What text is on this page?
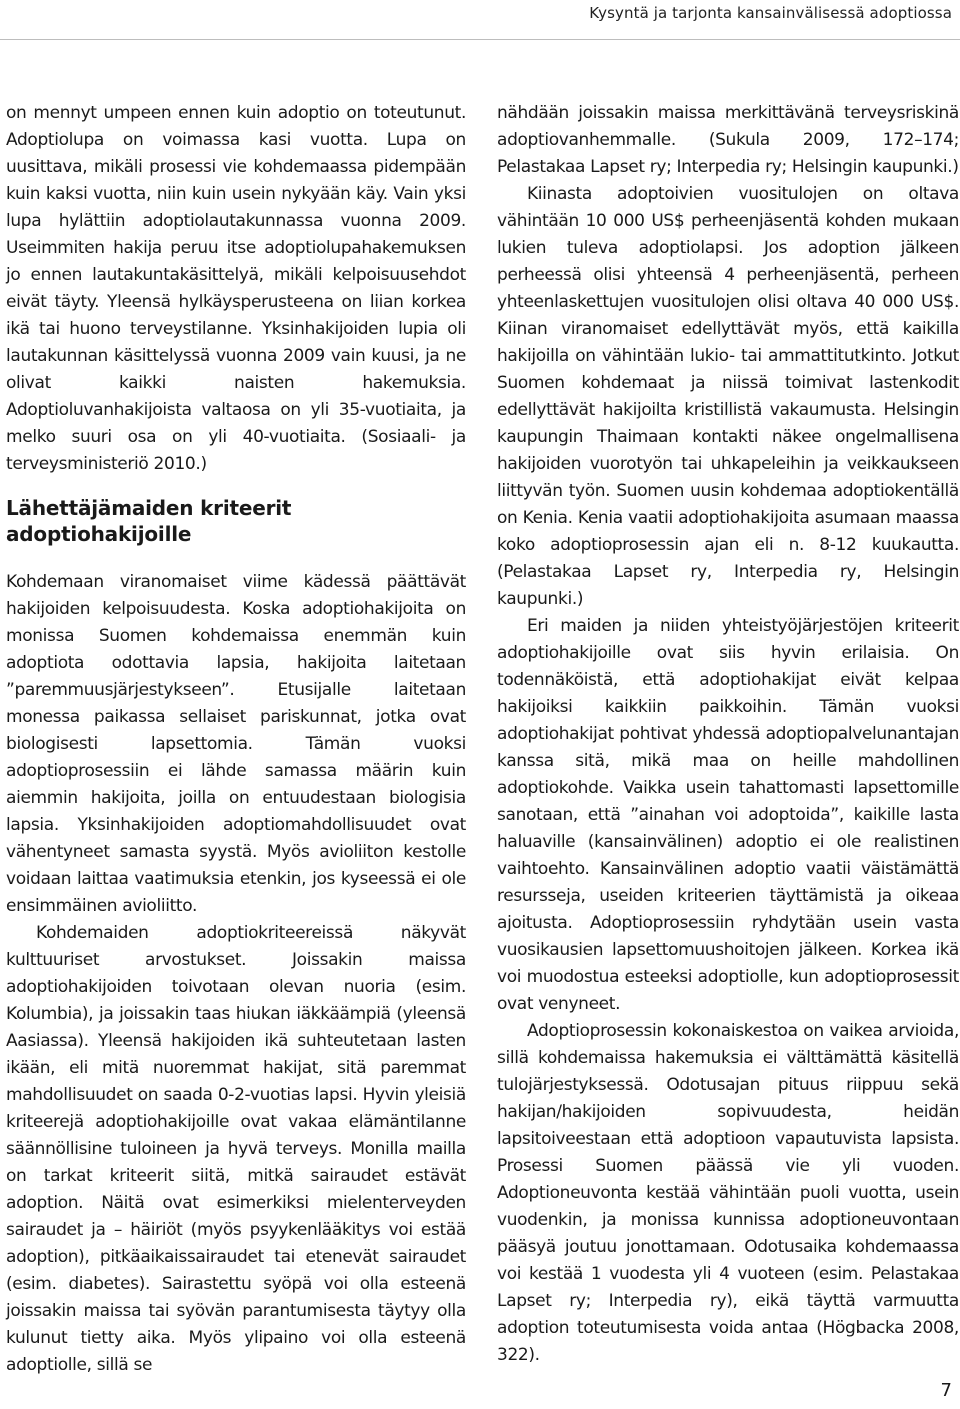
Kysyntä ja tarjonta kansainvälisessä adoptiossa

on mennyt umpeen ennen kuin adoptio on toteutunut. Adoptiolupa on voimassa kasi vuotta. Lupa on uusittava, mikäli prosessi vie kohdemaassa pidempään kuin kaksi vuotta, niin kuin usein nykyään käy. Vain yksi lupa hylättiin adoptiolautakunnassa vuonna 2009. Useimmiten hakija peruu itse adoptiolupahakemuksen jo ennen lautakuntakäsittelyä, mikäli kelpoisuusehdot eivät täyty. Yleensä hylkäysperusteena on liian korkea ikä tai huono terveystilanne. Yksinhakijoiden lupia oli lautakunnan käsittelyssä vuonna 2009 vain kuusi, ja ne olivat kaikki naisten hakemuksia. Adoptioluvanhakijoista valtaosa on yli 35-vuotiaita, ja melko suuri osa on yli 40-vuotiaita. (Sosiaali- ja terveysministeriö 2010.)

Lähettäjämaiden kriteerit adoptiohakijoille

Kohdemaan viranomaiset viime kädessä päättävät hakijoiden kelpoisuudesta. Koska adoptiohakijoita on monissa Suomen kohdemaissa enemmän kuin adoptiota odottavia lapsia, hakijoita laitetaan ”paremmuusjärjestykseen”. Etusijalle laitetaan monessa paikassa sellaiset pariskunnat, jotka ovat biologisesti lapsettomia. Tämän vuoksi adoptioprosessiin ei lähde samassa määrin kuin aiemmin hakijoita, joilla on entuudestaan biologisia lapsia. Yksinhakijoiden adoptiomahdollisuudet ovat vähentyneet samasta syystä. Myös avioliiton kestolle voidaan laittaa vaatimuksia etenkin, jos kyseessä ei ole ensimmäinen avioliitto.

Kohdemaiden adoptiokriteereissä näkyvät kulttuuriset arvostukset. Joissakin maissa adoptiohakijoiden toivotaan olevan nuoria (esim. Kolumbia), ja joissakin taas hiukan iäkkäämpiä (yleensä Aasiassa). Yleensä hakijoiden ikä suhteutetaan lasten ikään, eli mitä nuoremmat hakijat, sitä paremmat mahdollisuudet on saada 0-2-vuotias lapsi. Hyvin yleisiä kriteerejä adoptiohakijoille ovat vakaa elämäntilanne säännöllisine tuloineen ja hyvä terveys. Monilla mailla on tarkat kriteerit siitä, mitkä sairaudet estävät adoption. Näitä ovat esimerkiksi mielenterveyden sairaudet ja – häiriöt (myös psyykenlääkitys voi estää adoption), pitkäaikaissairaudet tai etenevät sairaudet (esim. diabetes). Sairastettu syöpä voi olla esteenä joissakin maissa tai syövän parantumisesta täytyy olla kulunut tietty aika. Myös ylipaino voi olla esteenä adoptiolle, sillä se

nähdään joissakin maissa merkittävänä terveysriskinä adoptiovanhemmalle. (Sukula 2009, 172–174; Pelastakaa Lapset ry; Interpedia ry; Helsingin kaupunki.)

Kiinasta adoptoivien vuositulojen on oltava vähintään 10 000 US$ perheenjäsentä kohden mukaan lukien tuleva adoptiolapsi. Jos adoption jälkeen perheessä olisi yhteensä 4 perheenjäsentä, perheen yhteenlaskettujen vuositulojen olisi oltava 40 000 US$. Kiinan viranomaiset edellyttävät myös, että kaikilla hakijoilla on vähintään lukio- tai ammattitutkinto. Jotkut Suomen kohdemaat ja niissä toimivat lastenkodit edellyttävät hakijoilta kristillistä vakaumusta. Helsingin kaupungin Thaimaan kontakti näkee ongelmallisena hakijoiden vuorotyön tai uhkapeleihin ja veikkaukseen liittyvän työn. Suomen uusin kohdemaa adoptiokentällä on Kenia. Kenia vaatii adoptiohakijoita asumaan maassa koko adoptioprosessin ajan eli n. 8-12 kuukautta. (Pelastakaa Lapset ry, Interpedia ry, Helsingin kaupunki.)

Eri maiden ja niiden yhteistyöjärjestöjen kriteerit adoptiohakijoille ovat siis hyvin erilaisia. On todennäköistä, että adoptiohakijat eivät kelpaa hakijoiksi kaikkiin paikkoihin. Tämän vuoksi adoptiohakijat pohtivat yhdessä adoptiopalvelunantajan kanssa sitä, mikä maa on heille mahdollinen adoptiokohde. Vaikka usein tahattomasti lapsettomille sanotaan, että ”ainahan voi adoptoida”, kaikille lasta haluaville (kansainvälinen) adoptio ei ole realistinen vaihtoehto. Kansainvälinen adoptio vaatii väistämättä resursseja, useiden kriteerien täyttämistä ja oikeaa ajoitusta. Adoptioprosessiin ryhdytään usein vasta vuosikausien lapsettomuushoitojen jälkeen. Korkea ikä voi muodostua esteeksi adoptiolle, kun adoptioprosessit ovat venyneet.

Adoptioprosessin kokonaiskestoa on vaikea arvioida, sillä kohdemaissa hakemuksia ei välttämättä käsitellä tulojärjestyksessä. Odotusajan pituus riippuu sekä hakijan/hakijoiden sopivuudesta, heidän lapsitoiveestaan että adoptioon vapautuvista lapsista. Prosessi Suomen päässä vie yli vuoden. Adoptioneuvonta kestää vähintään puoli vuotta, usein vuodenkin, ja monissa kunnissa adoptioneuvontaan pääsyä joutuu jonottamaan. Odotusaika kohdemaassa voi kestää 1 vuodesta yli 4 vuoteen (esim. Pelastakaa Lapset ry; Interpedia ry), eikä täyttä varmuutta adoption toteutumisesta voida antaa (Högbacka 2008, 322).

7
